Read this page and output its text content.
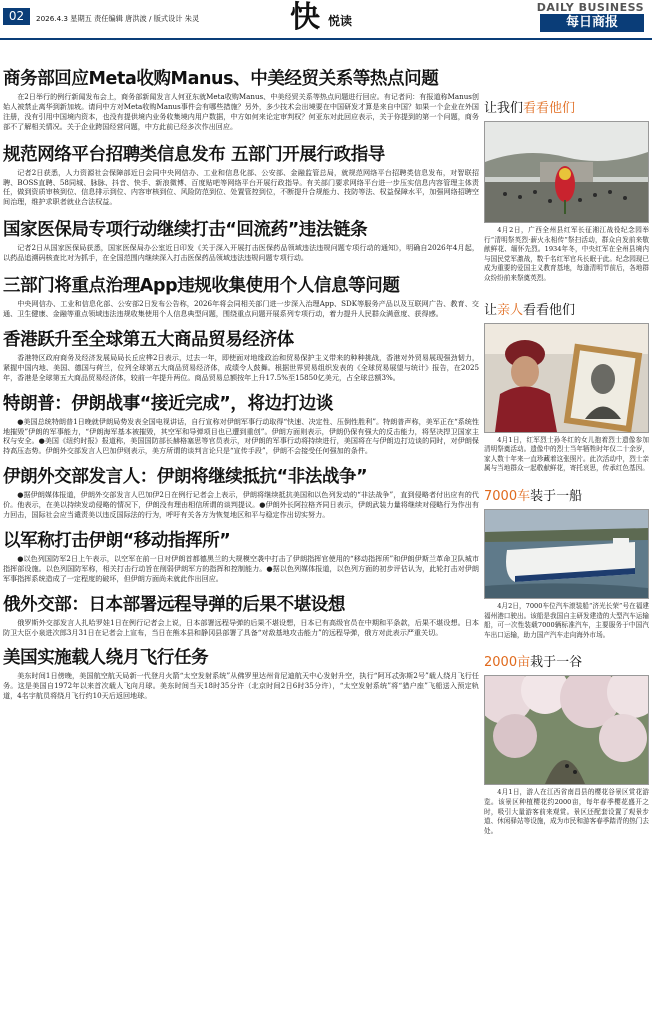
02	2026.4.3 星期五 责任编辑 唐洪波 / 版式设计 朱灵	快 悦读
DAILY BUSINESS
每日商报
商务部回应Meta收购Manus、中美经贸关系等热点问题

在2日举行的例行新闻发布会上，商务部新闻发言人何亚东就Meta收购Manus、中美经贸关系等热点问题进行回应。有记者问：有报道称Manus创始人被禁止离华到新加坡。请问中方对Meta收购Manus事件会有哪些措施？另外，多少技术会出境要在中国研发才算是来自中国？如果一个企业在外国注册，没有引用中国境内资本，也没有提供境内业务收集境内用户数据，中方如何来论定审判权？何亚东对此回应表示，关于你提到的第一个问题，商务部不了解相关情况。关于企业跨国经营问题，中方此前已经多次作出回应。

规范网络平台招聘类信息发布 五部门开展行政指导

记者2日获悉，人力资源社会保障部近日会同中央网信办、工业和信息化部、公安部、金融监管总局，就规范网络平台招聘类信息发布，对智联招聘、BOSS直聘、58同城、脉脉、抖音、快手、新浪微博、百度贴吧等网络平台开展行政指导。有关部门要求网络平台进一步压实信息内容管理主体责任，做到资质审核到位、信息排示到位、内容审核到位、风险防范到位、处置管控到位，不断提升合规能力、技防等法、权益保障水平，加强网络招聘空间治理，维护求职者就业合法权益。

国家医保局专项行动继续打击“回流药”违法链条

记者2日从国家医保局获悉，国家医保局办公室近日印发《关于深入开展打击医保药品领域违法违规问题专项行动的通知》，明确自2026年4月起，以药品追溯码核查比对为抓手，在全国范围内继续深入打击医保药品领域违法违规问题专项行动。

三部门将重点治理App违规收集使用个人信息等问题

中央网信办、工业和信息化部、公安部2日发布公告称，2026年将会同相关部门进一步深入治理App、SDK等服务产品以及互联网广告、教育、交通、卫生健康、金融等重点领域违法违规收集使用个人信息典型问题，围绕重点问题开展系列专项行动，着力提升人民群众满意度、获得感。

香港跃升至全球第五大商品贸易经济体

香港特区政府商务及经济发展局局长丘应桦2日表示，过去一年，即使面对地缘政治和贸易保护主义带来的种种挑战，香港对外贸易展现强劲韧力，紧握中国内地、美国、德国与荷兰，位列全球第五大商品贸易经济体，成绩令人鼓舞。根据世界贸易组织发表的《全球贸易展望与统计》报告，在2025年，香港是全球第五大商品贸易经济体，较前一年提升两位。商品贸易总额按年上升17.5%至15850亿美元，占全球总额3%。

特朗普：伊朗战事“接近完成”，将边打边谈

●美国总统特朗普1日晚就伊朗局势发表全国电视讲话，自行宣称对伊朗军事行动取得“快速、决定性、压倒性胜利”。特朗普声称，美军正在“系统性地摧毁”伊朗的军事能力，“伊朗海军基本被摧毁，其空军和导弹项目也已遭到重创”。伊朗方面则表示，伊朗仍保有强大的反击能力，将坚决捍卫国家主权与安全。●美国《纽约时报》报道称，美国国防部长赫格塞思等官员表示，对伊朗的军事行动将持续进行，美国将在与伊朗边打边谈的同时，对伊朗保持高压态势。伊朗外交部发言人巴加伊则表示，美方所谓的谈判言论只是“宣传手段”，伊朗不会接受任何强加的条件。

伊朗外交部发言人：伊朗将继续抵抗“非法战争”

●据伊朗媒体报道，伊朗外交部发言人巴加伊2日在例行记者会上表示，伊朗将继续抵抗美国和以色列发动的“非法战争”，直到侵略者付出应有的代价。他表示，在美以持续发动侵略的情况下，伊朗没有理由相信所谓的谈判提议。●伊朗外长阿拉格齐同日表示，伊朗武装力量将继续对侵略行为作出有力回击，国际社会应当谴责美以违反国际法的行为，呼吁有关各方为恢复地区和平与稳定作出切实努力。

以军称打击伊朗“移动指挥所”

●以色列国防军2日上午表示，以空军在前一日对伊朗首都德黑兰的大规模空袭中打击了伊朗指挥官使用的“移动指挥所”和伊朗伊斯兰革命卫队城市指挥部设施。以色列国防军称，相关打击行动旨在削弱伊朗军方的指挥和控制能力。●据以色列媒体报道，以色列方面的初步评估认为，此轮打击对伊朗军事指挥系统造成了一定程度的破坏，但伊朗方面尚未就此作出回应。

俄外交部：日本部署远程导弹的后果不堪设想

俄罗斯外交部发言人扎哈罗娃1日在例行记者会上说，日本部署远程导弹的后果不堪设想，日本已有高级官员在中期和平条款，后果不堪设想。日本防卫大臣小泉进次郎3月31日在记者会上宣布，当日在熊本县和静冈县部署了具备“对敌基地攻击能力”的远程导弹，俄方对此表示严重关切。

美国实施载人绕月飞行任务

美东时间1日傍晚，美国航空航天局新一代登月火箭“太空发射系统”从佛罗里达州肯尼迪航天中心发射升空，执行“阿耳忒弥斯2号”载人绕月飞行任务。这是美国自1972年以来首次载人飞向月球。美东时间当天18时35分许（北京时间2日6时35分许），“太空发射系统”将“猎户座”飞船送入预定轨道，4名宇航员将绕月飞行约10天后返回地球。

让我们看看他们

4月2日，广西全州县红军长征湘江战役纪念园举行“清明祭英烈·薪火永相传”祭扫活动，群众自发前来敬献鲜花、缅怀先烈。1934年冬，中央红军在全州县境内与国民党军激战，数千名红军官兵长眠于此。纪念园现已成为重要的爱国主义教育基地，每逢清明节前后，各地群众纷纷前来祭奠英烈。

让亲人看看他们

4月1日，红军烈士孙冬红的女儿抱着烈士遗像参加清明祭奠活动。遗像中的烈士当年牺牲时年仅二十余岁，家人数十年来一直珍藏着这张照片。此次活动中，烈士亲属与当地群众一起敬献鲜花，寄托哀思，传承红色基因。

7000车装于一船

4月2日，7000车位汽车滚装船“济光长荣”号在福建福州港口驶出。该船是我国自主研发建造的大型汽车运输船，可一次性装载7000辆标准汽车，主要服务于中国汽车出口运输，助力国产汽车走向海外市场。

2000亩栽于一谷

4月1日，游人在江西省南昌县的樱花谷景区赏花游览。该景区种植樱花约2000亩，每年春季樱花盛开之时，吸引大量游客前来观赏。景区还配套设置了观景步道、休闲驿站等设施，成为市民和游客春季踏青的热门去处。
